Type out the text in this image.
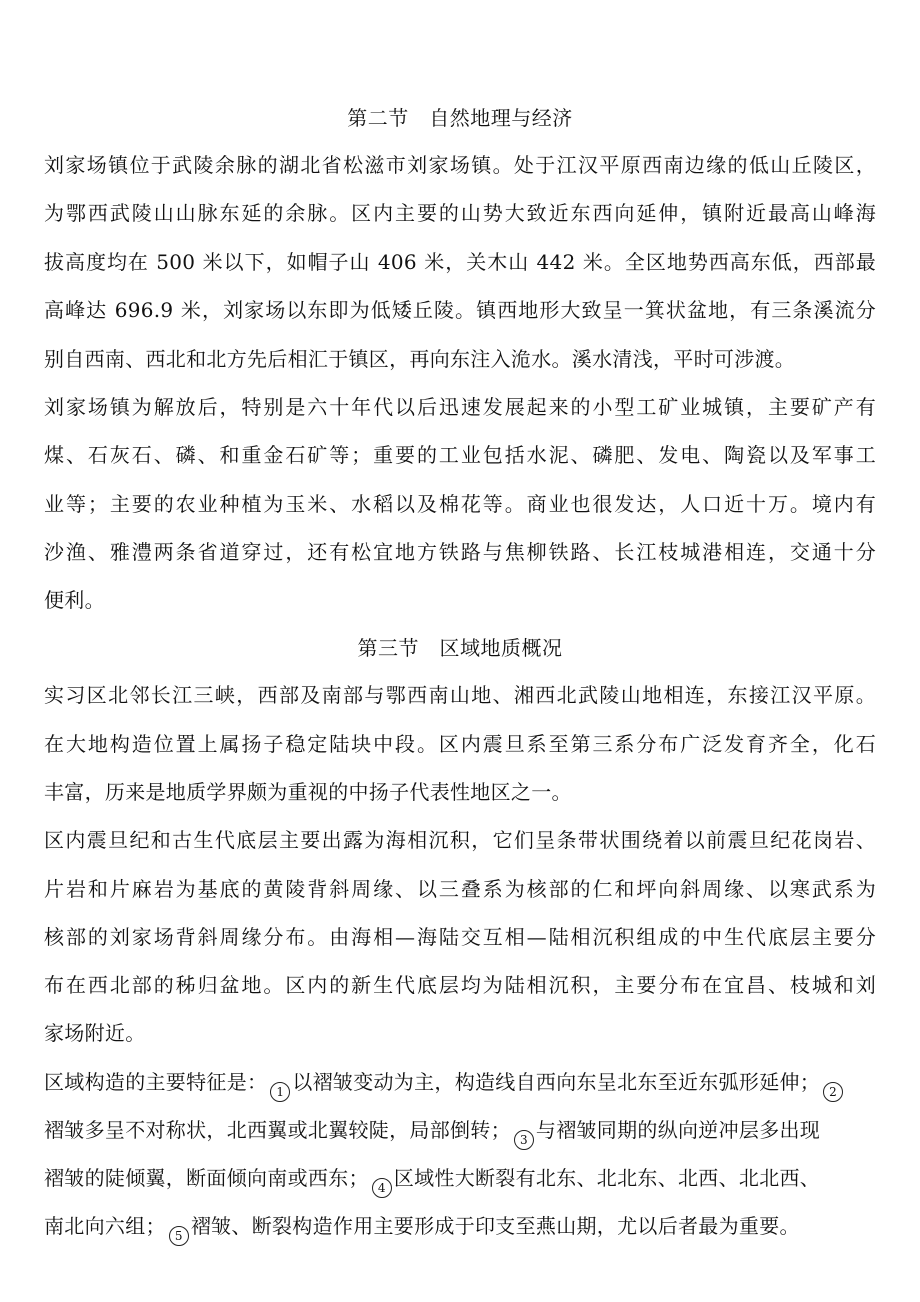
第二节　自然地理与经济
刘家场镇位于武陵余脉的湖北省松滋市刘家场镇。处于江汉平原西南边缘的低山丘陵区，
为鄂西武陵山山脉东延的余脉。区内主要的山势大致近东西向延伸，镇附近最高山峰海
拔高度均在 500 米以下，如帽子山 406 米，关木山 442 米。全区地势西高东低，西部最
高峰达 696.9 米，刘家场以东即为低矮丘陵。镇西地形大致呈一箕状盆地，有三条溪流分
别自西南、西北和北方先后相汇于镇区，再向东注入洈水。溪水清浅，平时可涉渡。
刘家场镇为解放后，特别是六十年代以后迅速发展起来的小型工矿业城镇，主要矿产有
煤、石灰石、磷、和重金石矿等；重要的工业包括水泥、磷肥、发电、陶瓷以及军事工
业等；主要的农业种植为玉米、水稻以及棉花等。商业也很发达，人口近十万。境内有
沙渔、雅澧两条省道穿过，还有松宜地方铁路与焦柳铁路、长江枝城港相连，交通十分
便利。
第三节　区域地质概况
实习区北邻长江三峡，西部及南部与鄂西南山地、湘西北武陵山地相连，东接江汉平原。
在大地构造位置上属扬子稳定陆块中段。区内震旦系至第三系分布广泛发育齐全，化石
丰富，历来是地质学界颇为重视的中扬子代表性地区之一。
区内震旦纪和古生代底层主要出露为海相沉积，它们呈条带状围绕着以前震旦纪花岗岩、
片岩和片麻岩为基底的黄陵背斜周缘、以三叠系为核部的仁和坪向斜周缘、以寒武系为
核部的刘家场背斜周缘分布。由海相—海陆交互相—陆相沉积组成的中生代底层主要分
布在西北部的秭归盆地。区内的新生代底层均为陆相沉积，主要分布在宜昌、枝城和刘
家场附近。
区域构造的主要特征是： 1 以褶皱变动为主，构造线自西向东呈北东至近东弧形延伸； 2
褶皱多呈不对称状，北西翼或北翼较陡，局部倒转； 3 与褶皱同期的纵向逆冲层多出现
褶皱的陡倾翼，断面倾向南或西东； 4 区域性大断裂有北东、北北东、北西、北北西、
南北向六组； 5 褶皱、断裂构造作用主要形成于印支至燕山期，尤以后者最为重要。
